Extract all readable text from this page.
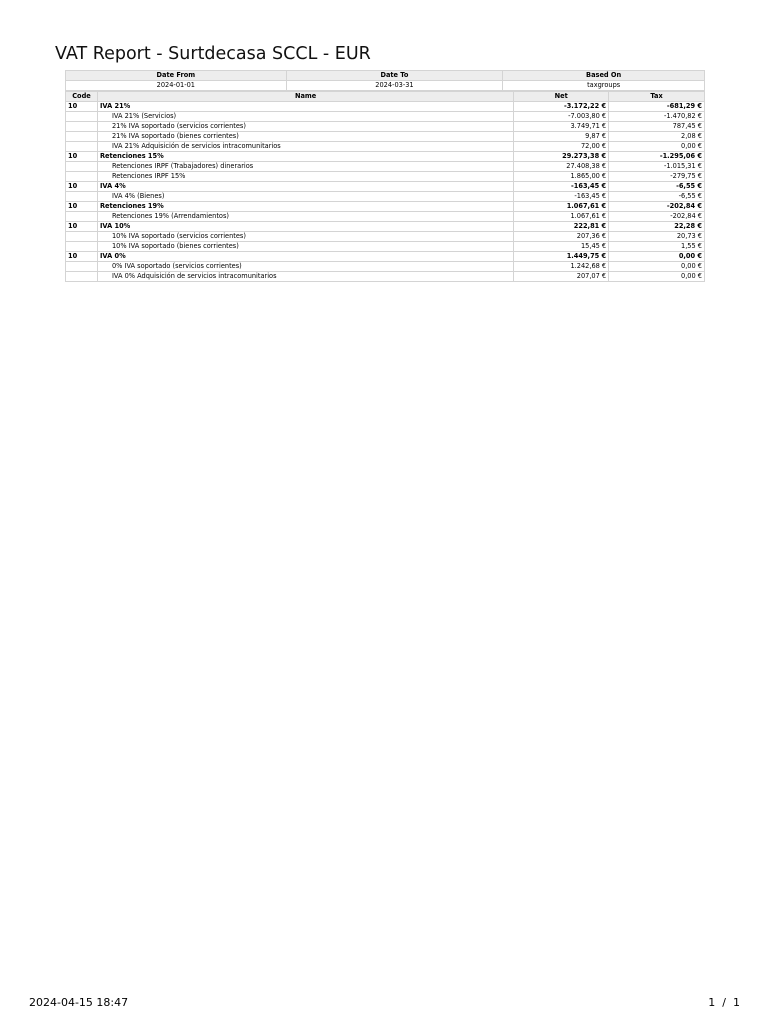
VAT Report - Surtdecasa SCCL - EUR
Date From	Date To	Based On
2024-01-01	2024-03-31	taxgroups
Code	Name	Net	Tax
10	IVA 21%	-3.172,22 €	-681,29 €
	IVA 21% (Servicios)	-7.003,80 €	-1.470,82 €
	21% IVA soportado (servicios corrientes)	3.749,71 €	787,45 €
	21% IVA soportado (bienes corrientes)	9,87 €	2,08 €
	IVA 21% Adquisición de servicios intracomunitarios	72,00 €	0,00 €
10	Retenciones 15%	29.273,38 €	-1.295,06 €
	Retenciones IRPF (Trabajadores) dinerarios	27.408,38 €	-1.015,31 €
	Retenciones IRPF 15%	1.865,00 €	-279,75 €
10	IVA 4%	-163,45 €	-6,55 €
	IVA 4% (Bienes)	-163,45 €	-6,55 €
10	Retenciones 19%	1.067,61 €	-202,84 €
	Retenciones 19% (Arrendamientos)	1.067,61 €	-202,84 €
10	IVA 10%	222,81 €	22,28 €
	10% IVA soportado (servicios corrientes)	207,36 €	20,73 €
	10% IVA soportado (bienes corrientes)	15,45 €	1,55 €
10	IVA 0%	1.449,75 €	0,00 €
	0% IVA soportado (servicios corrientes)	1.242,68 €	0,00 €
	IVA 0% Adquisición de servicios intracomunitarios	207,07 €	0,00 €
2024-04-15 18:47	1  /  1
